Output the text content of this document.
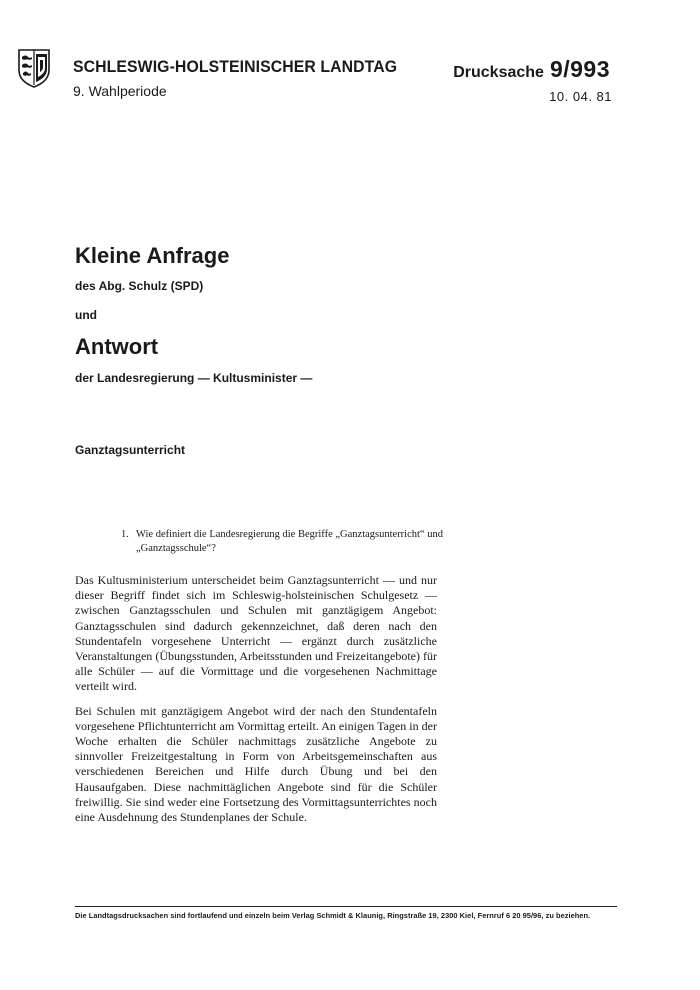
SCHLESWIG-HOLSTEINISCHER LANDTAG
9. Wahlperiode
Drucksache 9/993
10. 04. 81
Kleine Anfrage
des Abg. Schulz (SPD)
und
Antwort
der Landesregierung — Kultusminister —
Ganztagsunterricht
1. Wie definiert die Landesregierung die Begriffe „Ganztagsunterricht“ und „Ganztagsschule“?

Das Kultusministerium unterscheidet beim Ganztagsunterricht — und nur dieser Begriff findet sich im Schleswig-holsteinischen Schulgesetz — zwischen Ganztagsschulen und Schulen mit ganztägigem Angebot: Ganztagsschulen sind dadurch gekennzeichnet, daß deren nach den Stundentafeln vorgesehene Unterricht — ergänzt durch zusätzliche Veranstaltungen (Übungsstunden, Arbeitsstunden und Freizeitangebote) für alle Schüler — auf die Vormittage und die vorgesehenen Nachmittage verteilt wird.

Bei Schulen mit ganztägigem Angebot wird der nach den Stundentafeln vorgesehene Pflichtunterricht am Vormittag erteilt. An einigen Tagen in der Woche erhalten die Schüler nachmittags zusätzliche Angebote zu sinnvoller Freizeitgestaltung in Form von Arbeitsgemeinschaften aus verschiedenen Bereichen und Hilfe durch Übung und bei den Hausaufgaben. Diese nachmittäglichen Angebote sind für die Schüler freiwillig. Sie sind weder eine Fortsetzung des Vormittagsunterrichtes noch eine Ausdehnung des Stundenplanes der Schule.

Die Landtagsdrucksachen sind fortlaufend und einzeln beim Verlag Schmidt & Klaunig, Ringstraße 19, 2300 Kiel, Fernruf 6 20 95/96, zu beziehen.
